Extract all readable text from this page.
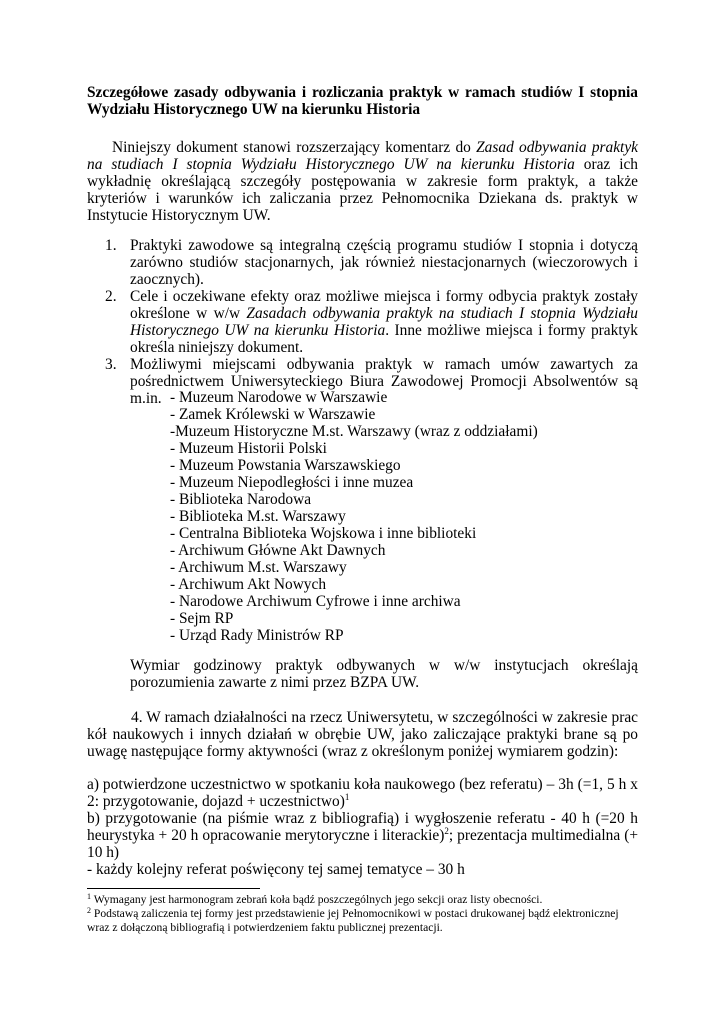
Szczegółowe zasady odbywania i rozliczania praktyk w ramach studiów I stopnia Wydziału Historycznego UW na kierunku Historia
Niniejszy dokument stanowi rozszerzający komentarz do Zasad odbywania praktyk na studiach I stopnia Wydziału Historycznego UW na kierunku Historia oraz ich wykładnię określającą szczegóły postępowania w zakresie form praktyk, a także kryteriów i warunków ich zaliczania przez Pełnomocnika Dziekana ds. praktyk w Instytucie Historycznym UW.
1. Praktyki zawodowe są integralną częścią programu studiów I stopnia i dotyczą zarówno studiów stacjonarnych, jak również niestacjonarnych (wieczorowych i zaocznych).
2. Cele i oczekiwane efekty oraz możliwe miejsca i formy odbycia praktyk zostały określone w w/w Zasadach odbywania praktyk na studiach I stopnia Wydziału Historycznego UW na kierunku Historia. Inne możliwe miejsca i formy praktyk określa niniejszy dokument.
3. Możliwymi miejscami odbywania praktyk w ramach umów zawartych za pośrednictwem Uniwersyteckiego Biura Zawodowej Promocji Absolwentów są m.in. - Muzeum Narodowe w Warszawie
- Zamek Królewski w Warszawie
-Muzeum Historyczne M.st. Warszawy (wraz z oddziałami)
- Muzeum Historii Polski
- Muzeum Powstania Warszawskiego
- Muzeum Niepodległości i inne muzea
- Biblioteka Narodowa
- Biblioteka M.st. Warszawy
- Centralna Biblioteka Wojskowa i inne biblioteki
- Archiwum Główne Akt Dawnych
- Archiwum M.st. Warszawy
- Archiwum Akt Nowych
- Narodowe Archiwum Cyfrowe i inne archiwa
- Sejm RP
- Urząd Rady Ministrów RP
Wymiar godzinowy praktyk odbywanych w w/w instytucjach określają porozumienia zawarte z nimi przez BZPA UW.
4. W ramach działalności na rzecz Uniwersytetu, w szczególności w zakresie prac kół naukowych i innych działań w obrębie UW, jako zaliczające praktyki brane są po uwagę następujące formy aktywności (wraz z określonym poniżej wymiarem godzin):

a) potwierdzone uczestnictwo w spotkaniu koła naukowego (bez referatu) – 3h (=1, 5 h x 2: przygotowanie, dojazd + uczestnictwo)$^1$

b) przygotowanie (na piśmie wraz z bibliografią) i wygłoszenie referatu - 40 h (=20 h heurystyka + 20 h opracowanie merytoryczne i literackie)$^2$; prezentacja multimedialna (+ 10 h)

- każdy kolejny referat poświęcony tej samej tematyce – 30 h

$^1$ Wymagany jest harmonogram zebrań koła bądź poszczególnych jego sekcji oraz listy obecności.

$^2$ Podstawą zaliczenia tej formy jest przedstawienie jej Pełnomocnikowi w postaci drukowanej bądź elektronicznej wraz z dołączoną bibliografią i potwierdzeniem faktu publicznej prezentacji.
